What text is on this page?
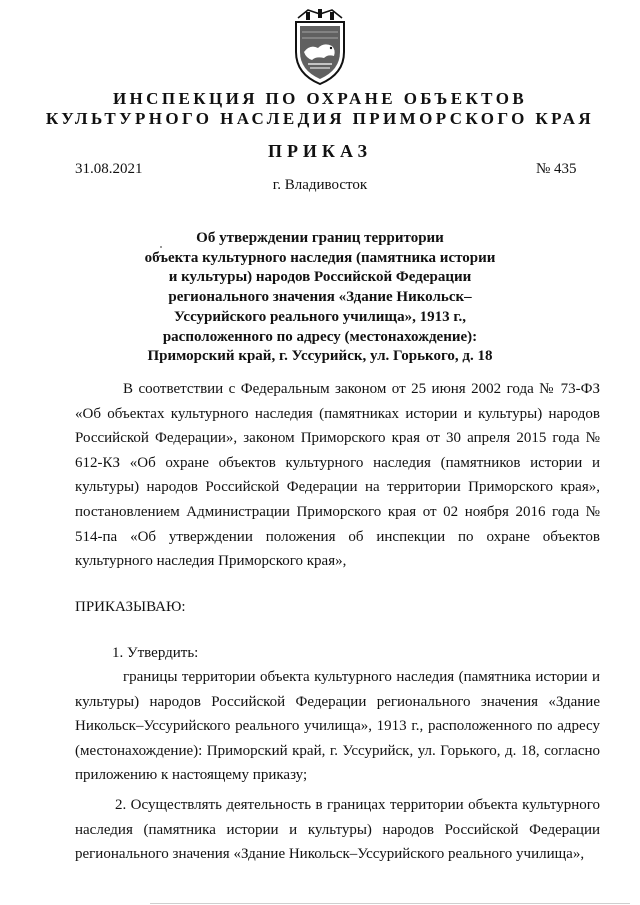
ИНСПЕКЦИЯ ПО ОХРАНЕ ОБЪЕКТОВ
КУЛЬТУРНОГО НАСЛЕДИЯ ПРИМОРСКОГО КРАЯ
ПРИКАЗ
31.08.2021	№ 435
г. Владивосток
Об утверждении границ территории
объекта культурного наследия (памятника истории
и культуры) народов Российской Федерации
регионального значения «Здание Никольск–
Уссурийского реального училища», 1913 г.,
расположенного по адресу (местонахождение):
Приморский край, г. Уссурийск, ул. Горького, д. 18

В соответствии с Федеральным законом от 25 июня 2002 года № 73-ФЗ «Об объектах культурного наследия (памятниках истории и культуры) народов Российской Федерации», законом Приморского края от 30 апреля 2015 года № 612-КЗ «Об охране объектов культурного наследия (памятников истории и культуры) народов Российской Федерации на территории Приморского края», постановлением Администрации Приморского края от 02 ноября 2016 года № 514-па «Об утверждении положения об инспекции по охране объектов культурного наследия Приморского края»,

ПРИКАЗЫВАЮ:
1. Утвердить:

границы территории объекта культурного наследия (памятника истории и культуры) народов Российской Федерации регионального значения «Здание Никольск–Уссурийского реального училища», 1913 г., расположенного по адресу (местонахождение): Приморский край, г. Уссурийск, ул. Горького, д. 18, согласно приложению к настоящему приказу;

2. Осуществлять деятельность в границах территории объекта культурного наследия (памятника истории и культуры) народов Российской Федерации регионального значения «Здание Никольск–Уссурийского реального училища»,
